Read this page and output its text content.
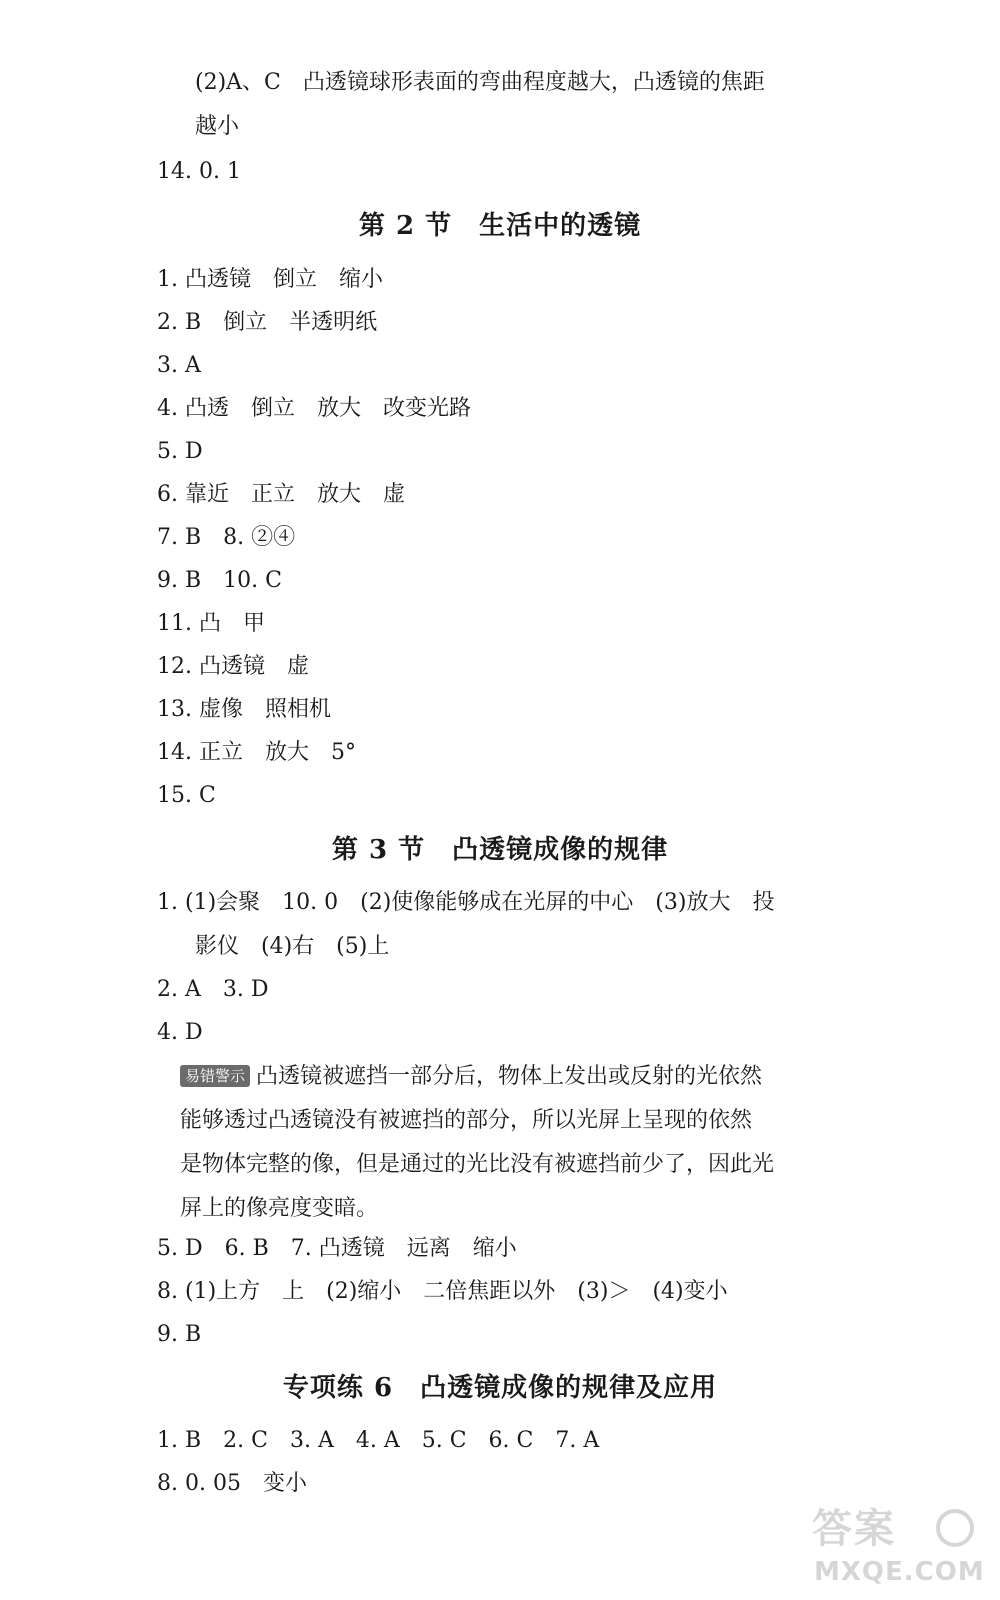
(2)A、C　凸透镜球形表面的弯曲程度越大，凸透镜的焦距
越小
14. 0. 1
第 2 节　生活中的透镜
1. 凸透镜　倒立　缩小
2. B　倒立　半透明纸
3. A
4. 凸透　倒立　放大　改变光路
5. D
6. 靠近　正立　放大　虚
7. B　8. ②④
9. B　10. C
11. 凸　甲
12. 凸透镜　虚
13. 虚像　照相机
14. 正立　放大　5°
15. C
第 3 节　凸透镜成像的规律
1. (1)会聚　10. 0　(2)使像能够成在光屏的中心　(3)放大　投
影仪　(4)右　(5)上
2. A　3. D
4. D
易错警示 凸透镜被遮挡一部分后，物体上发出或反射的光依然
能够透过凸透镜没有被遮挡的部分，所以光屏上呈现的依然
是物体完整的像，但是通过的光比没有被遮挡前少了，因此光
屏上的像亮度变暗。
5. D　6. B　7. 凸透镜　远离　缩小
8. (1)上方　上　(2)缩小　二倍焦距以外　(3)＞　(4)变小
9. B
专项练 6　凸透镜成像的规律及应用
1. B　2. C　3. A　4. A　5. C　6. C　7. A
8. 0. 05　变小
答案
MXQE.COM
